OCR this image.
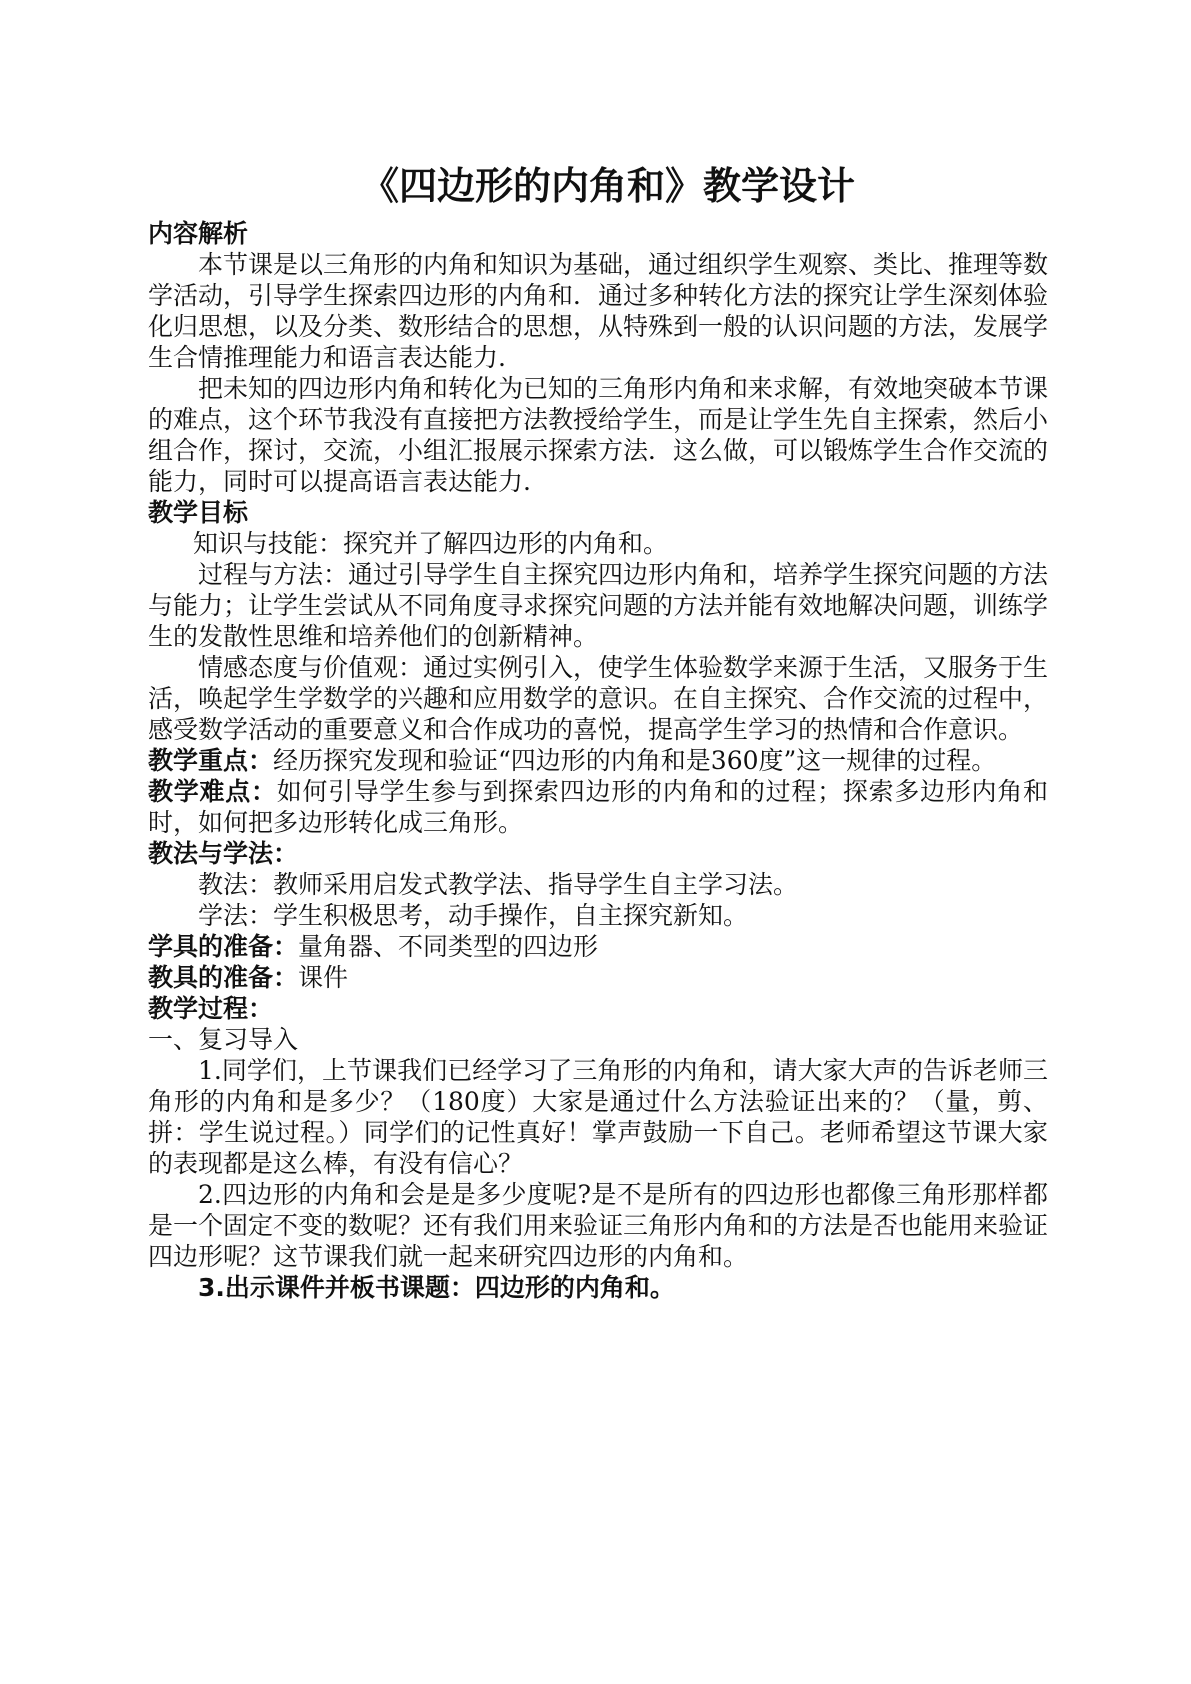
《四边形的内角和》教学设计
内容解析

本节课是以三角形的内角和知识为基础，通过组织学生观察、类比、推理等数学活动，引导学生探索四边形的内角和．通过多种转化方法的探究让学生深刻体验化归思想，以及分类、数形结合的思想，从特殊到一般的认识问题的方法，发展学生合情推理能力和语言表达能力.

把未知的四边形内角和转化为已知的三角形内角和来求解，有效地突破本节课的难点，这个环节我没有直接把方法教授给学生，而是让学生先自主探索，然后小组合作，探讨，交流，小组汇报展示探索方法．这么做，可以锻炼学生合作交流的能力，同时可以提高语言表达能力.

教学目标

知识与技能：探究并了解四边形的内角和。

过程与方法：通过引导学生自主探究四边形内角和，培养学生探究问题的方法与能力；让学生尝试从不同角度寻求探究问题的方法并能有效地解决问题，训练学生的发散性思维和培养他们的创新精神。

情感态度与价值观：通过实例引入，使学生体验数学来源于生活，又服务于生活，唤起学生学数学的兴趣和应用数学的意识。在自主探究、合作交流的过程中，感受数学活动的重要意义和合作成功的喜悦，提高学生学习的热情和合作意识。

教学重点：经历探究发现和验证“四边形的内角和是360度”这一规律的过程。

教学难点：如何引导学生参与到探索四边形的内角和的过程；探索多边形内角和时，如何把多边形转化成三角形。

教法与学法：

教法：教师采用启发式教学法、指导学生自主学习法。

学法：学生积极思考，动手操作，自主探究新知。

学具的准备：量角器、不同类型的四边形

教具的准备：课件

教学过程：

一、复习导入

1.同学们，上节课我们已经学习了三角形的内角和，请大家大声的告诉老师三角形的内角和是多少？（180度）大家是通过什么方法验证出来的？（量，剪、拼：学生说过程。）同学们的记性真好！掌声鼓励一下自己。老师希望这节课大家的表现都是这么棒，有没有信心？

2.四边形的内角和会是是多少度呢?是不是所有的四边形也都像三角形那样都是一个固定不变的数呢？还有我们用来验证三角形内角和的方法是否也能用来验证四边形呢？这节课我们就一起来研究四边形的内角和。

3.出示课件并板书课题：四边形的内角和。
